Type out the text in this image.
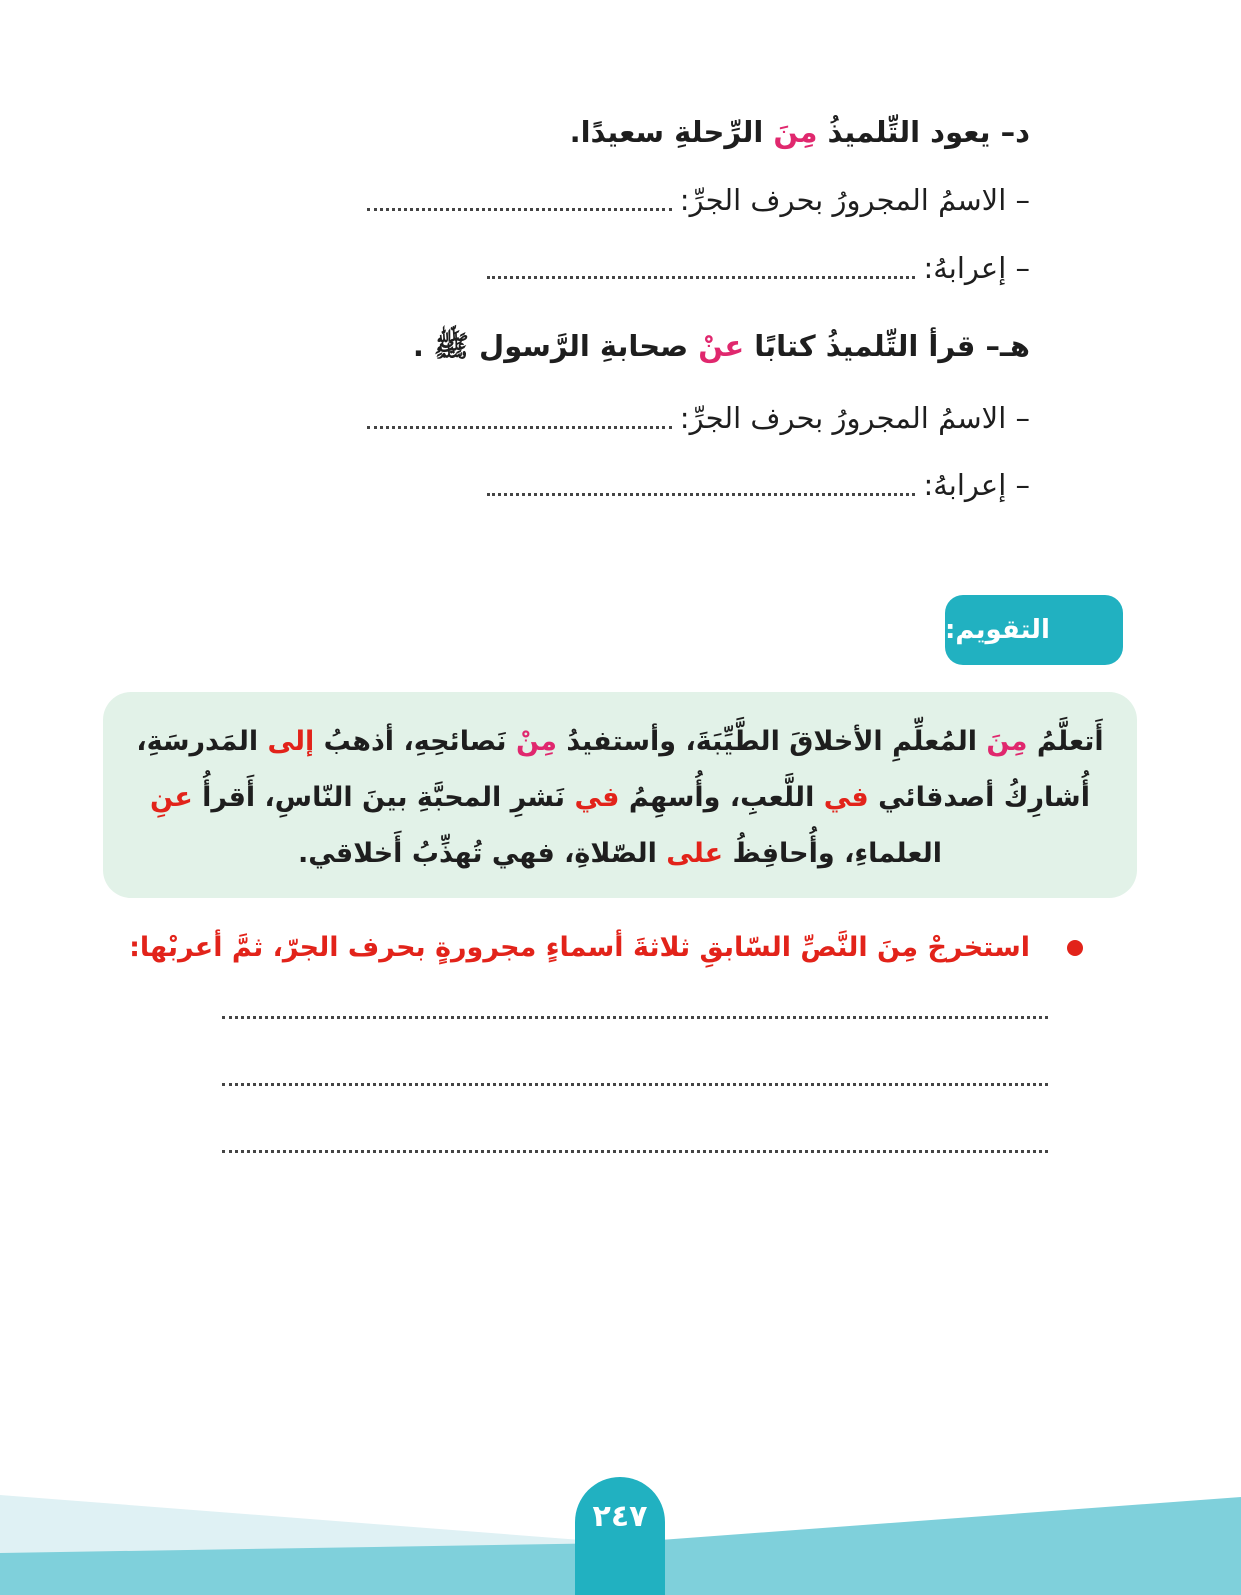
د– يعود التِّلميذُ مِنَ الرِّحلةِ سعيدًا.
– الاسمُ المجرورُ بحرف الجرِّ:
– إعرابهُ:
هـ– قرأ التِّلميذُ كتابًا عنْ صحابةِ الرَّسول ﷺ .
– الاسمُ المجرورُ بحرف الجرِّ:
– إعرابهُ:
التقويم:
أَتعلَّمُ مِنَ المُعلِّمِ الأخلاقَ الطَّيِّبَةَ، وأستفيدُ مِنْ نَصائحِهِ، أذهبُ إلى المَدرسَةِ، أُشارِكُ أصدقائي في اللَّعبِ، وأُسهِمُ في نَشرِ المحبَّةِ بينَ النّاسِ، أَقرأُ عنِ العلماءِ، وأُحافِظُ على الصّلاةِ، فهي تُهذِّبُ أَخلاقي.
استخرجْ مِنَ النَّصِّ السّابقِ ثلاثةَ أسماءٍ مجرورةٍ بحرف الجرّ، ثمَّ أعربْها:
٢٤٧
